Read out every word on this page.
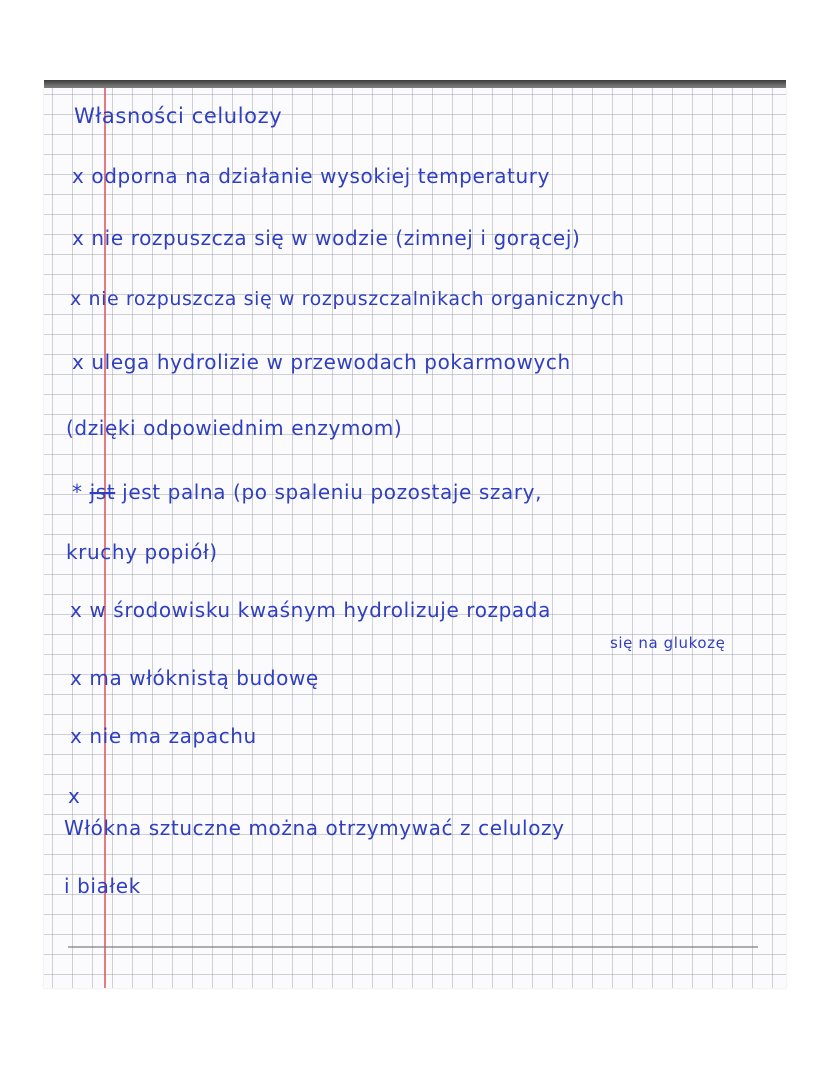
Własności celulozy

x odporna na działanie wysokiej temperatury

x nie rozpuszcza się w wodzie (zimnej i gorącej)

x nie rozpuszcza się w rozpuszczalnikach organicznych

x ulega hydrolizie w przewodach pokarmowych

(dzięki odpowiednim enzymom)

* jst jest palna (po spaleniu pozostaje szary,

kruchy popiół)

x w środowisku kwaśnym hydrolizuje rozpada

się na glukozę

x ma włóknistą budowę

x nie ma zapachu

x

Włókna sztuczne można otrzymywać z celulozy

i białek
